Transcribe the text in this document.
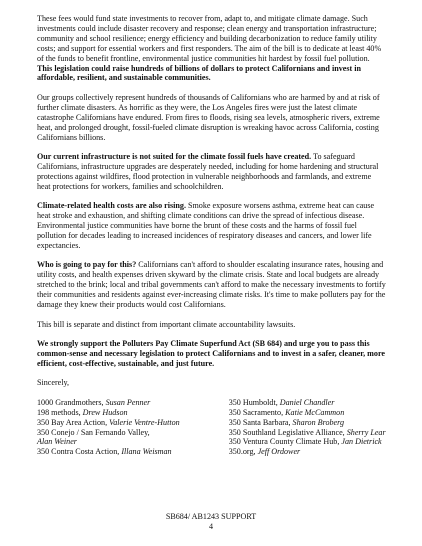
These fees would fund state investments to recover from, adapt to, and mitigate climate damage. Such investments could include disaster recovery and response; clean energy and transportation infrastructure; community and school resilience; energy efficiency and building decarbonization to reduce family utility costs; and support for essential workers and first responders. The aim of the bill is to dedicate at least 40% of the funds to benefit frontline, environmental justice communities hit hardest by fossil fuel pollution. This legislation could raise hundreds of billions of dollars to protect Californians and invest in affordable, resilient, and sustainable communities.

Our groups collectively represent hundreds of thousands of Californians who are harmed by and at risk of further climate disasters. As horrific as they were, the Los Angeles fires were just the latest climate catastrophe Californians have endured. From fires to floods, rising sea levels, atmospheric rivers, extreme heat, and prolonged drought, fossil-fueled climate disruption is wreaking havoc across California, costing Californians billions.

Our current infrastructure is not suited for the climate fossil fuels have created. To safeguard Californians, infrastructure upgrades are desperately needed, including for home hardening and structural protections against wildfires, flood protection in vulnerable neighborhoods and farmlands, and extreme heat protections for workers, families and schoolchildren.

Climate-related health costs are also rising. Smoke exposure worsens asthma, extreme heat can cause heat stroke and exhaustion, and shifting climate conditions can drive the spread of infectious disease. Environmental justice communities have borne the brunt of these costs and the harms of fossil fuel pollution for decades leading to increased incidences of respiratory diseases and cancers, and lower life expectancies.

Who is going to pay for this? Californians can't afford to shoulder escalating insurance rates, housing and utility costs, and health expenses driven skyward by the climate crisis. State and local budgets are already stretched to the brink; local and tribal governments can't afford to make the necessary investments to fortify their communities and residents against ever-increasing climate risks. It's time to make polluters pay for the damage they knew their products would cost Californians.

This bill is separate and distinct from important climate accountability lawsuits.

We strongly support the Polluters Pay Climate Superfund Act (SB 684) and urge you to pass this common-sense and necessary legislation to protect Californians and to invest in a safer, cleaner, more efficient, cost-effective, sustainable, and just future.

Sincerely,

1000 Grandmothers, Susan Penner
198 methods, Drew Hudson
350 Bay Area Action, Valerie Ventre-Hutton
350 Conejo / San Fernando Valley,
Alan Weiner
350 Contra Costa Action, Illana Weisman
350 Humboldt, Daniel Chandler
350 Sacramento, Katie McCammon
350 Santa Barbara, Sharon Broberg
350 Southland Legislative Alliance, Sherry Lear
350 Ventura County Climate Hub, Jan Dietrick
350.org, Jeff Ordower
SB684/ AB1243 SUPPORT
4
